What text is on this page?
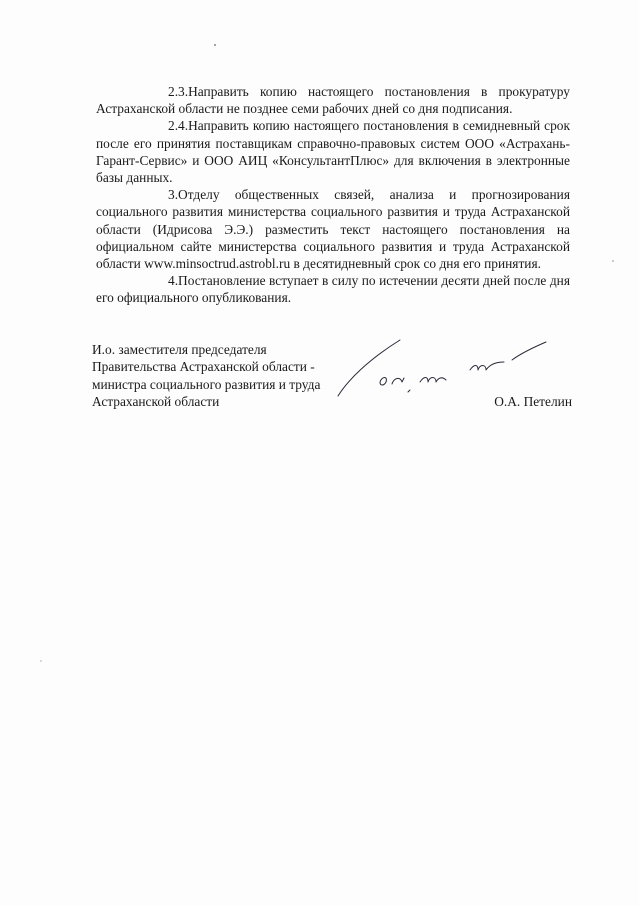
2.3.Направить копию настоящего постановления в прокуратуру Астраханской области не позднее семи рабочих дней со дня подписания.

2.4.Направить копию настоящего постановления в семидневный срок после его принятия поставщикам справочно-правовых систем ООО «Астрахань-Гарант-Сервис» и ООО АИЦ «КонсультантПлюс» для включения в электронные базы данных.

3.Отделу общественных связей, анализа и прогнозирования социального развития министерства социального развития и труда Астраханской области (Идрисова Э.Э.) разместить текст настоящего постановления на официальном сайте министерства социального развития и труда Астраханской области www.minsoctrud.astrobl.ru в десятидневный срок со дня его принятия.

4.Постановление вступает в силу по истечении десяти дней после дня его официального опубликования.

И.о. заместителя председателя
Правительства Астраханской области -
министра социального развития и труда
Астраханской области	О.А. Петелин
